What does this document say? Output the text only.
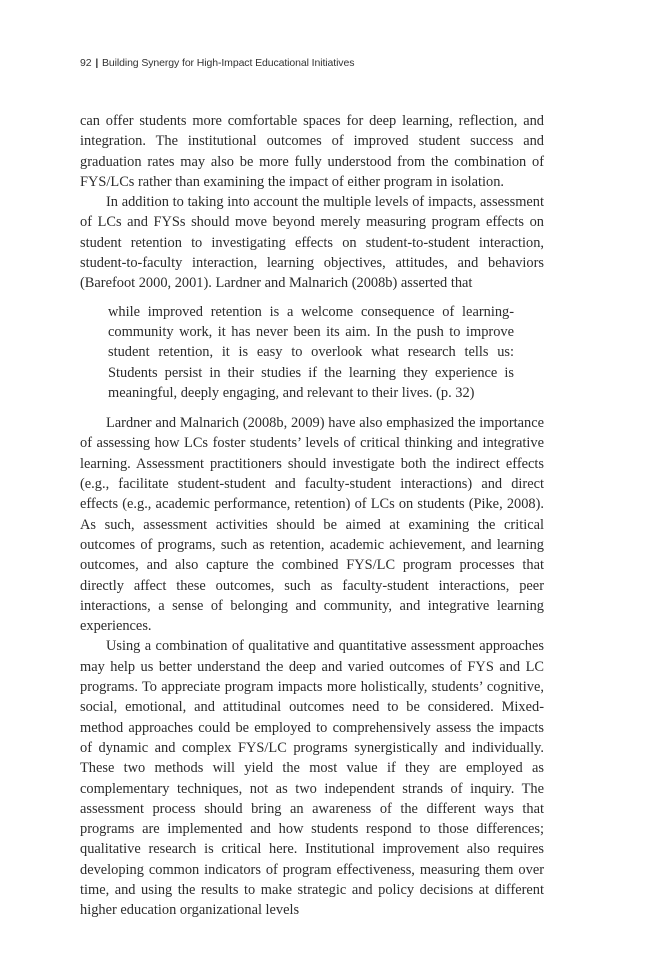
92 | Building Synergy for High-Impact Educational Initiatives

can offer students more comfortable spaces for deep learning, reflection, and integration. The institutional outcomes of improved student success and graduation rates may also be more fully understood from the combination of FYS/LCs rather than examining the impact of either program in isolation.

In addition to taking into account the multiple levels of impacts, assessment of LCs and FYSs should move beyond merely measuring program effects on student retention to investigating effects on student-to-student interaction, student-to-faculty interaction, learning objectives, attitudes, and behaviors (Barefoot 2000, 2001). Lardner and Malnarich (2008b) asserted that

while improved retention is a welcome consequence of learning-community work, it has never been its aim. In the push to improve student retention, it is easy to overlook what research tells us: Students persist in their studies if the learning they experience is meaningful, deeply engaging, and relevant to their lives. (p. 32)

Lardner and Malnarich (2008b, 2009) have also emphasized the importance of assessing how LCs foster students’ levels of critical thinking and integrative learning. Assessment practitioners should investigate both the indirect effects (e.g., facilitate student-student and faculty-student interactions) and direct effects (e.g., academic performance, retention) of LCs on students (Pike, 2008). As such, assessment activities should be aimed at examining the critical outcomes of programs, such as retention, academic achievement, and learning outcomes, and also capture the combined FYS/LC program processes that directly affect these outcomes, such as faculty-student interactions, peer interactions, a sense of belonging and community, and integrative learning experiences.

Using a combination of qualitative and quantitative assessment approaches may help us better understand the deep and varied outcomes of FYS and LC programs. To appreciate program impacts more holistically, students’ cognitive, social, emotional, and attitudinal outcomes need to be considered. Mixed-method approaches could be employed to comprehensively assess the impacts of dynamic and complex FYS/LC programs synergistically and individually. These two methods will yield the most value if they are employed as complementary techniques, not as two independent strands of inquiry. The assessment process should bring an awareness of the different ways that programs are implemented and how students respond to those differences; qualitative research is critical here. Institutional improvement also requires developing common indicators of program effectiveness, measuring them over time, and using the results to make strategic and policy decisions at different higher education organizational levels
